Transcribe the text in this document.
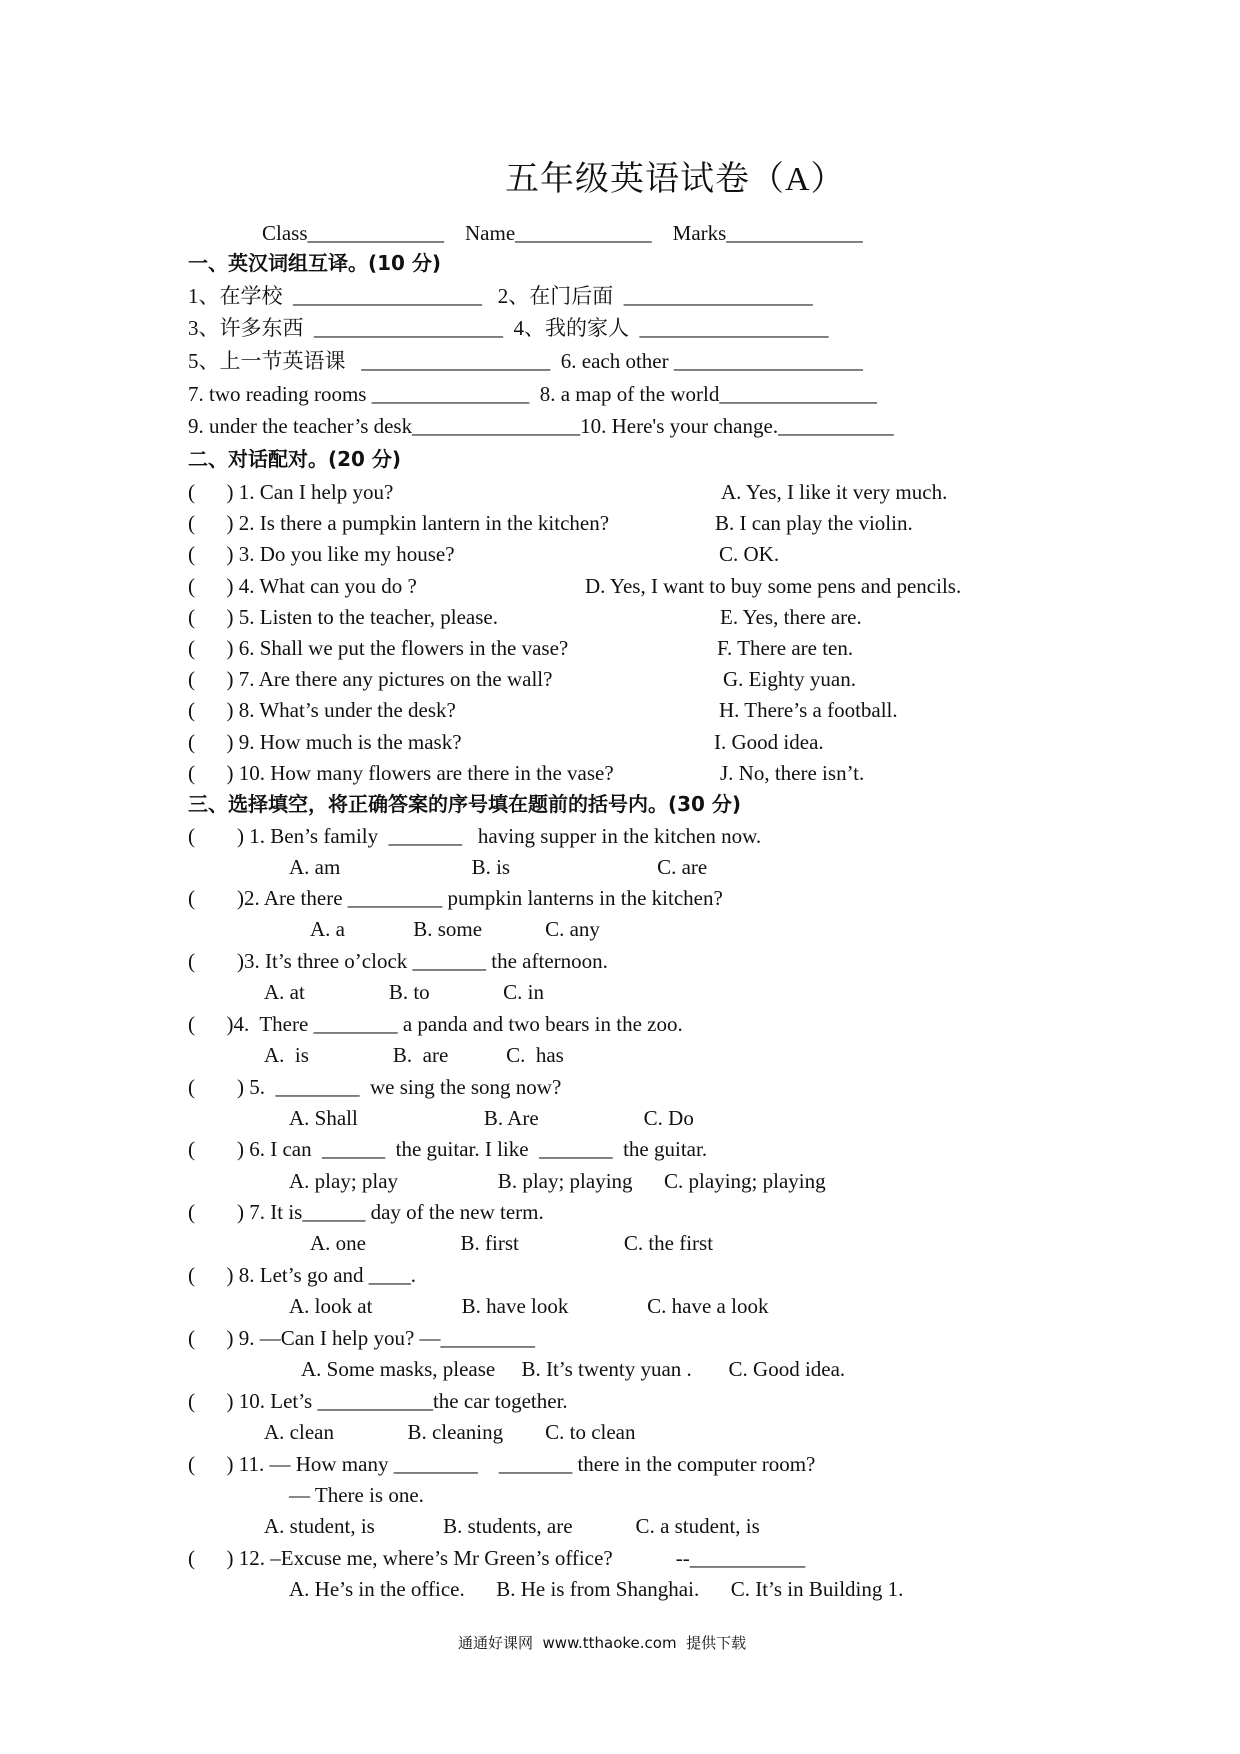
五年级英语试卷（A）
Class_____________    Name_____________    Marks_____________
一、英汉词组互译。(10 分)
1、在学校  __________________   2、在门后面  __________________
3、许多东西  __________________  4、我的家人  __________________
5、上一节英语课   __________________  6. each other __________________
7. two reading rooms _______________  8. a map of the world_______________
9. under the teacher’s desk________________10. Here's your change.___________
二、对话配对。(20 分)
(      ) 1. Can I help you?	A. Yes, I like it very much.
(      ) 2. Is there a pumpkin lantern in the kitchen?	B. I can play the violin.
(      ) 3. Do you like my house?	C. OK.
(      ) 4. What can you do ?	D. Yes, I want to buy some pens and pencils.
(      ) 5. Listen to the teacher, please.	E. Yes, there are.
(      ) 6. Shall we put the flowers in the vase?	F. There are ten.
(      ) 7. Are there any pictures on the wall?	G. Eighty yuan.
(      ) 8. What’s under the desk?	H. There’s a football.
(      ) 9. How much is the mask?	I. Good idea.
(      ) 10. How many flowers are there in the vase?	J. No, there isn’t.
三、选择填空，将正确答案的序号填在题前的括号内。(30 分)
(        ) 1. Ben’s family  _______   having supper in the kitchen now.
A. am                         B. is                            C. are
(        )2. Are there _________ pumpkin lanterns in the kitchen?
A. a             B. some            C. any
(        )3. It’s three o’clock _______ the afternoon.
A. at                B. to              C. in
(      )4.  There ________ a panda and two bears in the zoo.
A.  is                B.  are           C.  has
(        ) 5.  ________  we sing the song now?
A. Shall                        B. Are                    C. Do
(        ) 6. I can  ______  the guitar. I like  _______  the guitar.
A. play; play                   B. play; playing      C. playing; playing
(        ) 7. It is______ day of the new term.
A. one                  B. first                    C. the first
(      ) 8. Let’s go and ____.
A. look at                 B. have look               C. have a look
(      ) 9. —Can I help you? —_________
A. Some masks, please     B. It’s twenty yuan .       C. Good idea.
(      ) 10. Let’s ___________the car together.
A. clean              B. cleaning        C. to clean
(      ) 11. — How many ________    _______ there in the computer room?
— There is one.
A. student, is             B. students, are            C. a student, is
(      ) 12. –Excuse me, where’s Mr Green’s office?            --___________
A. He’s in the office.      B. He is from Shanghai.      C. It’s in Building 1.
通通好课网  www.tthaoke.com  提供下载
